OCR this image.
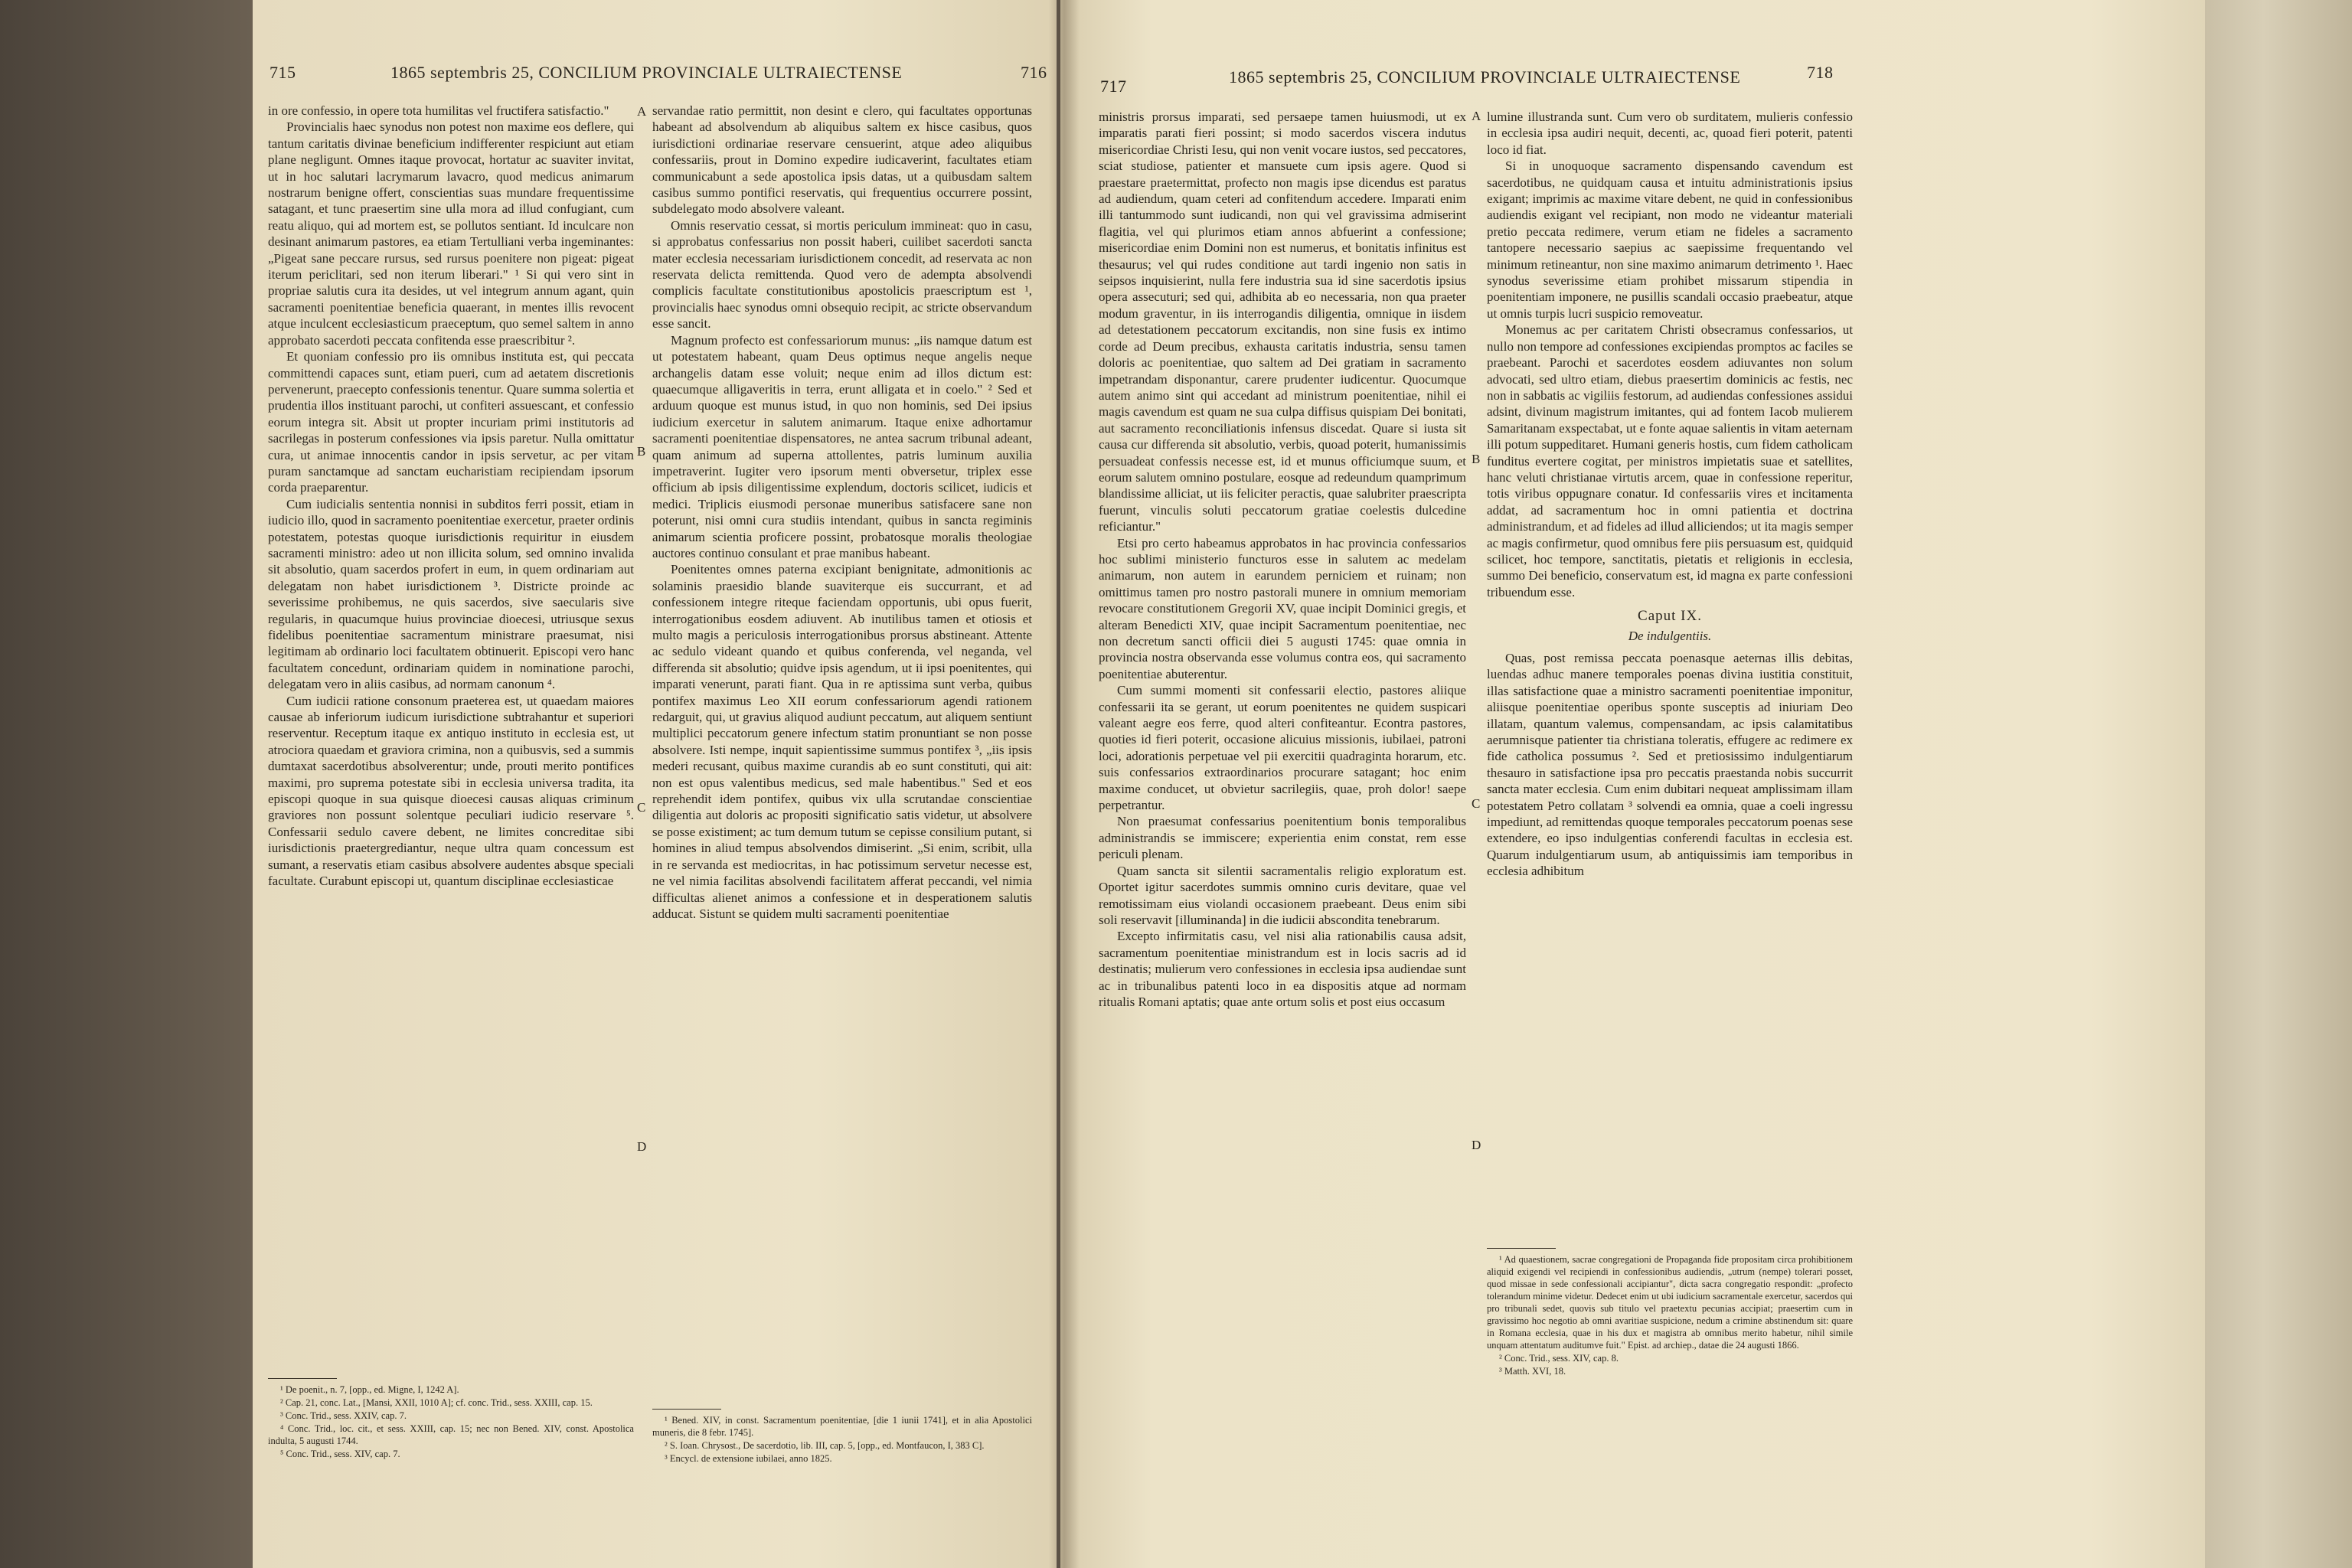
715	1865 septembris 25, CONCILIUM PROVINCIALE ULTRAIECTENSE	716

in ore confessio, in opere tota humilitas vel fructifera satisfactio."

Provincialis haec synodus non potest non maxime eos deflere, qui tantum caritatis divinae beneficium indifferenter respiciunt aut etiam plane negligunt. Omnes itaque provocat, hortatur ac suaviter invitat, ut in hoc salutari lacrymarum lavacro, quod medicus animarum nostrarum benigne offert, conscientias suas mundare frequentissime satagant, et tunc praesertim sine ulla mora ad illud confugiant, cum reatu aliquo, qui ad mortem est, se pollutos sentiant. Id inculcare non desinant animarum pastores, ea etiam Tertulliani verba ingeminantes: „Pigeat sane peccare rursus, sed rursus poenitere non pigeat: pigeat iterum periclitari, sed non iterum liberari." ¹ Si qui vero sint in propriae salutis cura ita desides, ut vel integrum annum agant, quin sacramenti poenitentiae beneficia quaerant, in mentes illis revocent atque inculcent ecclesiasticum praeceptum, quo semel saltem in anno approbato sacerdoti peccata confitenda esse praescribitur ².

Et quoniam confessio pro iis omnibus instituta est, qui peccata committendi capaces sunt, etiam pueri, cum ad aetatem discretionis pervenerunt, praecepto confessionis tenentur. Quare summa solertia et prudentia illos instituant parochi, ut confiteri assuescant, et confessio eorum integra sit. Absit ut propter incuriam primi institutoris ad sacrilegas in posterum confessiones via ipsis paretur. Nulla omittatur cura, ut animae innocentis candor in ipsis servetur, ac per vitam puram sanctamque ad sanctam eucharistiam recipiendam ipsorum corda praeparentur.

Cum iudicialis sententia nonnisi in subditos ferri possit, etiam in iudicio illo, quod in sacramento poenitentiae exercetur, praeter ordinis potestatem, potestas quoque iurisdictionis requiritur in eiusdem sacramenti ministro: adeo ut non illicita solum, sed omnino invalida sit absolutio, quam sacerdos profert in eum, in quem ordinariam aut delegatam non habet iurisdictionem ³. Districte proinde ac severissime prohibemus, ne quis sacerdos, sive saecularis sive regularis, in quacumque huius provinciae dioecesi, utriusque sexus fidelibus poenitentiae sacramentum ministrare praesumat, nisi legitimam ab ordinario loci facultatem obtinuerit. Episcopi vero hanc facultatem concedunt, ordinariam quidem in nominatione parochi, delegatam vero in aliis casibus, ad normam canonum ⁴.

Cum iudicii ratione consonum praeterea est, ut quaedam maiores causae ab inferiorum iudicum iurisdictione subtrahantur et superiori reserventur. Receptum itaque ex antiquo instituto in ecclesia est, ut atrociora quaedam et graviora crimina, non a quibusvis, sed a summis dumtaxat sacerdotibus absolverentur; unde, prouti merito pontifices maximi, pro suprema potestate sibi in ecclesia universa tradita, ita episcopi quoque in sua quisque dioecesi causas aliquas criminum graviores non possunt solentque peculiari iudicio reservare ⁵. Confessarii sedulo cavere debent, ne limites concreditae sibi iurisdictionis praetergrediantur, neque ultra quam concessum est sumant, a reservatis etiam casibus absolvere audentes absque speciali facultate. Curabunt episcopi ut, quantum disciplinae ecclesiasticae

¹ De poenit., n. 7, [opp., ed. Migne, I, 1242 A].

² Cap. 21, conc. Lat., [Mansi, XXII, 1010 A]; cf. conc. Trid., sess. XXIII, cap. 15.

³ Conc. Trid., sess. XXIV, cap. 7.

⁴ Conc. Trid., loc. cit., et sess. XXIII, cap. 15; nec non Bened. XIV, const. Apostolica indulta, 5 augusti 1744.

⁵ Conc. Trid., sess. XIV, cap. 7.

A
B
C
D

servandae ratio permittit, non desint e clero, qui facultates opportunas habeant ad absolvendum ab aliquibus saltem ex hisce casibus, quos iurisdictioni ordinariae reservare censuerint, atque adeo aliquibus confessariis, prout in Domino expedire iudicaverint, facultates etiam communicabunt a sede apostolica ipsis datas, ut a quibusdam saltem casibus summo pontifici reservatis, qui frequentius occurrere possint, subdelegato modo absolvere valeant.

Omnis reservatio cessat, si mortis periculum immineat: quo in casu, si approbatus confessarius non possit haberi, cuilibet sacerdoti sancta mater ecclesia necessariam iurisdictionem concedit, ad reservata ac non reservata delicta remittenda. Quod vero de adempta absolvendi complicis facultate constitutionibus apostolicis praescriptum est ¹, provincialis haec synodus omni obsequio recipit, ac stricte observandum esse sancit.

Magnum profecto est confessariorum munus: „iis namque datum est ut potestatem habeant, quam Deus optimus neque angelis neque archangelis datam esse voluit; neque enim ad illos dictum est: quaecumque alligaveritis in terra, erunt alligata et in coelo." ² Sed et arduum quoque est munus istud, in quo non hominis, sed Dei ipsius iudicium exercetur in salutem animarum. Itaque enixe adhortamur sacramenti poenitentiae dispensatores, ne antea sacrum tribunal adeant, quam animum ad superna attollentes, patris luminum auxilia impetraverint. Iugiter vero ipsorum menti obversetur, triplex esse officium ab ipsis diligentissime explendum, doctoris scilicet, iudicis et medici. Triplicis eiusmodi personae muneribus satisfacere sane non poterunt, nisi omni cura studiis intendant, quibus in sancta regiminis animarum scientia proficere possint, probatosque moralis theologiae auctores continuo consulant et prae manibus habeant.

Poenitentes omnes paterna excipiant benignitate, admonitionis ac solaminis praesidio blande suaviterque eis succurrant, et ad confessionem integre riteque faciendam opportunis, ubi opus fuerit, interrogationibus eosdem adiuvent. Ab inutilibus tamen et otiosis et multo magis a periculosis interrogationibus prorsus abstineant. Attente ac sedulo videant quando et quibus conferenda, vel neganda, vel differenda sit absolutio; quidve ipsis agendum, ut ii ipsi poenitentes, qui imparati venerunt, parati fiant. Qua in re aptissima sunt verba, quibus pontifex maximus Leo XII eorum confessariorum agendi rationem redarguit, qui, ut gravius aliquod audiunt peccatum, aut aliquem sentiunt multiplici peccatorum genere infectum statim pronuntiant se non posse absolvere. Isti nempe, inquit sapientissime summus pontifex ³, „iis ipsis mederi recusant, quibus maxime curandis ab eo sunt constituti, qui ait: non est opus valentibus medicus, sed male habentibus." Sed et eos reprehendit idem pontifex, quibus vix ulla scrutandae conscientiae diligentia aut doloris ac propositi significatio satis videtur, ut absolvere se posse existiment; ac tum demum tutum se cepisse consilium putant, si homines in aliud tempus absolvendos dimiserint. „Si enim, scribit, ulla in re servanda est mediocritas, in hac potissimum servetur necesse est, ne vel nimia facilitas absolvendi facilitatem afferat peccandi, vel nimia difficultas alienet animos a confessione et in desperationem salutis adducat. Sistunt se quidem multi sacramenti poenitentiae

¹ Bened. XIV, in const. Sacramentum poenitentiae, [die 1 iunii 1741], et in alia Apostolici muneris, die 8 febr. 1745].

² S. Ioan. Chrysost., De sacerdotio, lib. III, cap. 5, [opp., ed. Montfaucon, I, 383 C].

³ Encycl. de extensione iubilaei, anno 1825.

717	1865 septembris 25, CONCILIUM PROVINCIALE ULTRAIECTENSE	718

ministris prorsus imparati, sed persaepe tamen huiusmodi, ut ex imparatis parati fieri possint; si modo sacerdos viscera indutus misericordiae Christi Iesu, qui non venit vocare iustos, sed peccatores, sciat studiose, patienter et mansuete cum ipsis agere. Quod si praestare praetermittat, profecto non magis ipse dicendus est paratus ad audiendum, quam ceteri ad confitendum accedere. Imparati enim illi tantummodo sunt iudicandi, non qui vel gravissima admiserint flagitia, vel qui plurimos etiam annos abfuerint a confessione; misericordiae enim Domini non est numerus, et bonitatis infinitus est thesaurus; vel qui rudes conditione aut tardi ingenio non satis in seipsos inquisierint, nulla fere industria sua id sine sacerdotis ipsius opera assecuturi; sed qui, adhibita ab eo necessaria, non qua praeter modum graventur, in iis interrogandis diligentia, omnique in iisdem ad detestationem peccatorum excitandis, non sine fusis ex intimo corde ad Deum precibus, exhausta caritatis industria, sensu tamen doloris ac poenitentiae, quo saltem ad Dei gratiam in sacramento impetrandam disponantur, carere prudenter iudicentur. Quocumque autem animo sint qui accedant ad ministrum poenitentiae, nihil ei magis cavendum est quam ne sua culpa diffisus quispiam Dei bonitati, aut sacramento reconciliationis infensus discedat. Quare si iusta sit causa cur differenda sit absolutio, verbis, quoad poterit, humanissimis persuadeat confessis necesse est, id et munus officiumque suum, et eorum salutem omnino postulare, eosque ad redeundum quamprimum blandissime alliciat, ut iis feliciter peractis, quae salubriter praescripta fuerunt, vinculis soluti peccatorum gratiae coelestis dulcedine reficiantur."

Etsi pro certo habeamus approbatos in hac provincia confessarios hoc sublimi ministerio functuros esse in salutem ac medelam animarum, non autem in earundem perniciem et ruinam; non omittimus tamen pro nostro pastorali munere in omnium memoriam revocare constitutionem Gregorii XV, quae incipit Dominici gregis, et alteram Benedicti XIV, quae incipit Sacramentum poenitentiae, nec non decretum sancti officii diei 5 augusti 1745: quae omnia in provincia nostra observanda esse volumus contra eos, qui sacramento poenitentiae abuterentur.

Cum summi momenti sit confessarii electio, pastores aliique confessarii ita se gerant, ut eorum poenitentes ne quidem suspicari valeant aegre eos ferre, quod alteri confiteantur. Econtra pastores, quoties id fieri poterit, occasione alicuius missionis, iubilaei, patroni loci, adorationis perpetuae vel pii exercitii quadraginta horarum, etc. suis confessarios extraordinarios procurare satagant; hoc enim maxime conducet, ut obvietur sacrilegiis, quae, proh dolor! saepe perpetrantur.

Non praesumat confessarius poenitentium bonis temporalibus administrandis se immiscere; experientia enim constat, rem esse periculi plenam.

Quam sancta sit silentii sacramentalis religio exploratum est. Oportet igitur sacerdotes summis omnino curis devitare, quae vel remotissimam eius violandi occasionem praebeant. Deus enim sibi soli reservavit [illuminanda] in die iudicii abscondita tenebrarum.

Excepto infirmitatis casu, vel nisi alia rationabilis causa adsit, sacramentum poenitentiae ministrandum est in locis sacris ad id destinatis; mulierum vero confessiones in ecclesia ipsa audiendae sunt ac in tribunalibus patenti loco in ea dispositis atque ad normam ritualis Romani aptatis; quae ante ortum solis et post eius occasum

A
B
C
D

lumine illustranda sunt. Cum vero ob surditatem, mulieris confessio in ecclesia ipsa audiri nequit, decenti, ac, quoad fieri poterit, patenti loco id fiat.

Si in unoquoque sacramento dispensando cavendum est sacerdotibus, ne quidquam causa et intuitu administrationis ipsius exigant; imprimis ac maxime vitare debent, ne quid in confessionibus audiendis exigant vel recipiant, non modo ne videantur materiali pretio peccata redimere, verum etiam ne fideles a sacramento tantopere necessario saepius ac saepissime frequentando vel minimum retineantur, non sine maximo animarum detrimento ¹. Haec synodus severissime etiam prohibet missarum stipendia in poenitentiam imponere, ne pusillis scandali occasio praebeatur, atque ut omnis turpis lucri suspicio removeatur.

Monemus ac per caritatem Christi obsecramus confessarios, ut nullo non tempore ad confessiones excipiendas promptos ac faciles se praebeant. Parochi et sacerdotes eosdem adiuvantes non solum advocati, sed ultro etiam, diebus praesertim dominicis ac festis, nec non in sabbatis ac vigiliis festorum, ad audiendas confessiones assidui adsint, divinum magistrum imitantes, qui ad fontem Iacob mulierem Samaritanam exspectabat, ut e fonte aquae salientis in vitam aeternam illi potum suppeditaret. Humani generis hostis, cum fidem catholicam funditus evertere cogitat, per ministros impietatis suae et satellites, hanc veluti christianae virtutis arcem, quae in confessione reperitur, totis viribus oppugnare conatur. Id confessariis vires et incitamenta addat, ad sacramentum hoc in omni patientia et doctrina administrandum, et ad fideles ad illud alliciendos; ut ita magis semper ac magis confirmetur, quod omnibus fere piis persuasum est, quidquid scilicet, hoc tempore, sanctitatis, pietatis et religionis in ecclesia, summo Dei beneficio, conservatum est, id magna ex parte confessioni tribuendum esse.

Caput IX.
De indulgentiis.

Quas, post remissa peccata poenasque aeternas illis debitas, luendas adhuc manere temporales poenas divina iustitia constituit, illas satisfactione quae a ministro sacramenti poenitentiae imponitur, aliisque poenitentiae operibus sponte susceptis ad iniuriam Deo illatam, quantum valemus, compensandam, ac ipsis calamitatibus aerumnisque patienter tia christiana toleratis, effugere ac redimere ex fide catholica possumus ². Sed et pretiosissimo indulgentiarum thesauro in satisfactione ipsa pro peccatis praestanda nobis succurrit sancta mater ecclesia. Cum enim dubitari nequeat amplissimam illam potestatem Petro collatam ³ solvendi ea omnia, quae a coeli ingressu impediunt, ad remittendas quoque temporales peccatorum poenas sese extendere, eo ipso indulgentias conferendi facultas in ecclesia est. Quarum indulgentiarum usum, ab antiquissimis iam temporibus in ecclesia adhibitum

¹ Ad quaestionem, sacrae congregationi de Propaganda fide propositam circa prohibitionem aliquid exigendi vel recipiendi in confessionibus audiendis, „utrum (nempe) tolerari posset, quod missae in sede confessionali accipiantur", dicta sacra congregatio respondit: „profecto tolerandum minime videtur. Dedecet enim ut ubi iudicium sacramentale exercetur, sacerdos qui pro tribunali sedet, quovis sub titulo vel praetextu pecunias accipiat; praesertim cum in gravissimo hoc negotio ab omni avaritiae suspicione, nedum a crimine abstinendum sit: quare in Romana ecclesia, quae in his dux et magistra ab omnibus merito habetur, nihil simile unquam attentatum auditumve fuit." Epist. ad archiep., datae die 24 augusti 1866.

² Conc. Trid., sess. XIV, cap. 8.

³ Matth. XVI, 18.
